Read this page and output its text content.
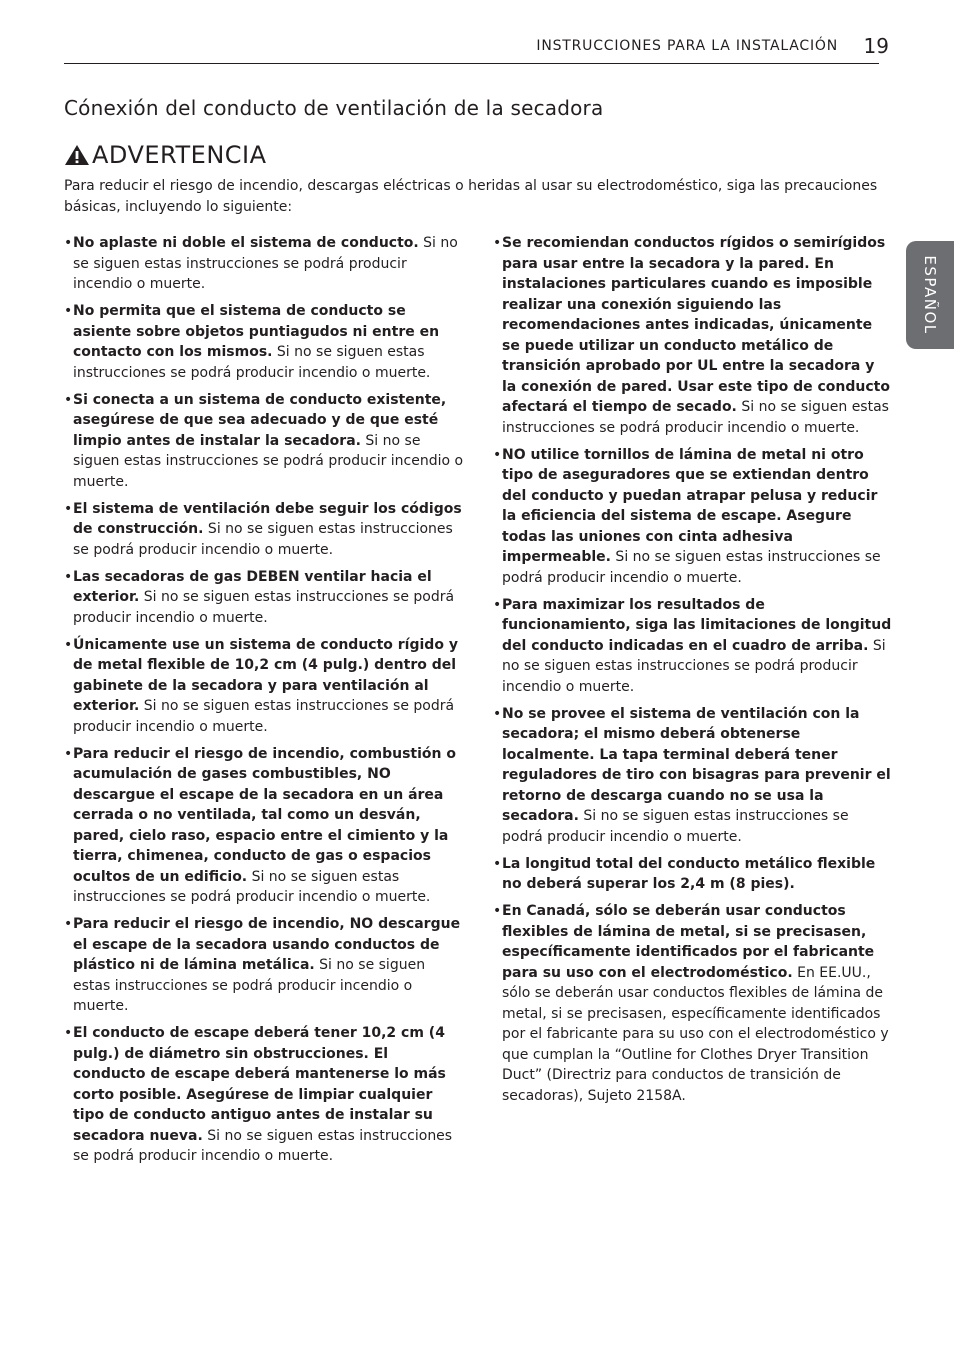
INSTRUCCIONES PARA LA INSTALACIÓN 19
ESPAÑOL
Cónexión del conducto de ventilación de la secadora
ADVERTENCIA

Para reducir el riesgo de incendio, descargas eléctricas o heridas al usar su electrodoméstico, siga las precauciones básicas, incluyendo lo siguiente:

• No aplaste ni doble el sistema de conducto. Si no se siguen estas instrucciones se podrá producir incendio o muerte.
• No permita que el sistema de conducto se asiente sobre objetos puntiagudos ni entre en contacto con los mismos. Si no se siguen estas instrucciones se podrá producir incendio o muerte.
• Si conecta a un sistema de conducto existente, asegúrese de que sea adecuado y de que esté limpio antes de instalar la secadora. Si no se siguen estas instrucciones se podrá producir incendio o muerte.
• El sistema de ventilación debe seguir los códigos de construcción. Si no se siguen estas instrucciones se podrá producir incendio o muerte.
• Las secadoras de gas DEBEN ventilar hacia el exterior. Si no se siguen estas instrucciones se podrá producir incendio o muerte.
• Únicamente use un sistema de conducto rígido y de metal flexible de 10,2 cm (4 pulg.) dentro del gabinete de la secadora y para ventilación al exterior. Si no se siguen estas instrucciones se podrá producir incendio o muerte.
• Para reducir el riesgo de incendio, combustión o acumulación de gases combustibles, NO descargue el escape de la secadora en un área cerrada o no ventilada, tal como un desván, pared, cielo raso, espacio entre el cimiento y la tierra, chimenea, conducto de gas o espacios ocultos de un edificio. Si no se siguen estas instrucciones se podrá producir incendio o muerte.
• Para reducir el riesgo de incendio, NO descargue el escape de la secadora usando conductos de plástico ni de lámina metálica. Si no se siguen estas instrucciones se podrá producir incendio o muerte.
• El conducto de escape deberá tener 10,2 cm (4 pulg.) de diámetro sin obstrucciones. El conducto de escape deberá mantenerse lo más corto posible. Asegúrese de limpiar cualquier tipo de conducto antiguo antes de instalar su secadora nueva. Si no se siguen estas instrucciones se podrá producir incendio o muerte.
• Se recomiendan conductos rígidos o semirígidos para usar entre la secadora y la pared. En instalaciones particulares cuando es imposible realizar una conexión siguiendo las recomendaciones antes indicadas, únicamente se puede utilizar un conducto metálico de transición aprobado por UL entre la secadora y la conexión de pared. Usar este tipo de conducto afectará el tiempo de secado. Si no se siguen estas instrucciones se podrá producir incendio o muerte.
• NO utilice tornillos de lámina de metal ni otro tipo de aseguradores que se extiendan dentro del conducto y puedan atrapar pelusa y reducir la eficiencia del sistema de escape. Asegure todas las uniones con cinta adhesiva impermeable. Si no se siguen estas instrucciones se podrá producir incendio o muerte.
• Para maximizar los resultados de funcionamiento, siga las limitaciones de longitud del conducto indicadas en el cuadro de arriba. Si no se siguen estas instrucciones se podrá producir incendio o muerte.
• No se provee el sistema de ventilación con la secadora; el mismo deberá obtenerse localmente. La tapa terminal deberá tener reguladores de tiro con bisagras para prevenir el retorno de descarga cuando no se usa la secadora. Si no se siguen estas instrucciones se podrá producir incendio o muerte.
• La longitud total del conducto metálico flexible no deberá superar los 2,4 m (8 pies).
• En Canadá, sólo se deberán usar conductos flexibles de lámina de metal, si se precisasen, específicamente identificados por el fabricante para su uso con el electrodoméstico. En EE.UU., sólo se deberán usar conductos flexibles de lámina de metal, si se precisasen, específicamente identificados por el fabricante para su uso con el electrodoméstico y que cumplan la “Outline for Clothes Dryer Transition Duct” (Directriz para conductos de transición de secadoras), Sujeto 2158A.
